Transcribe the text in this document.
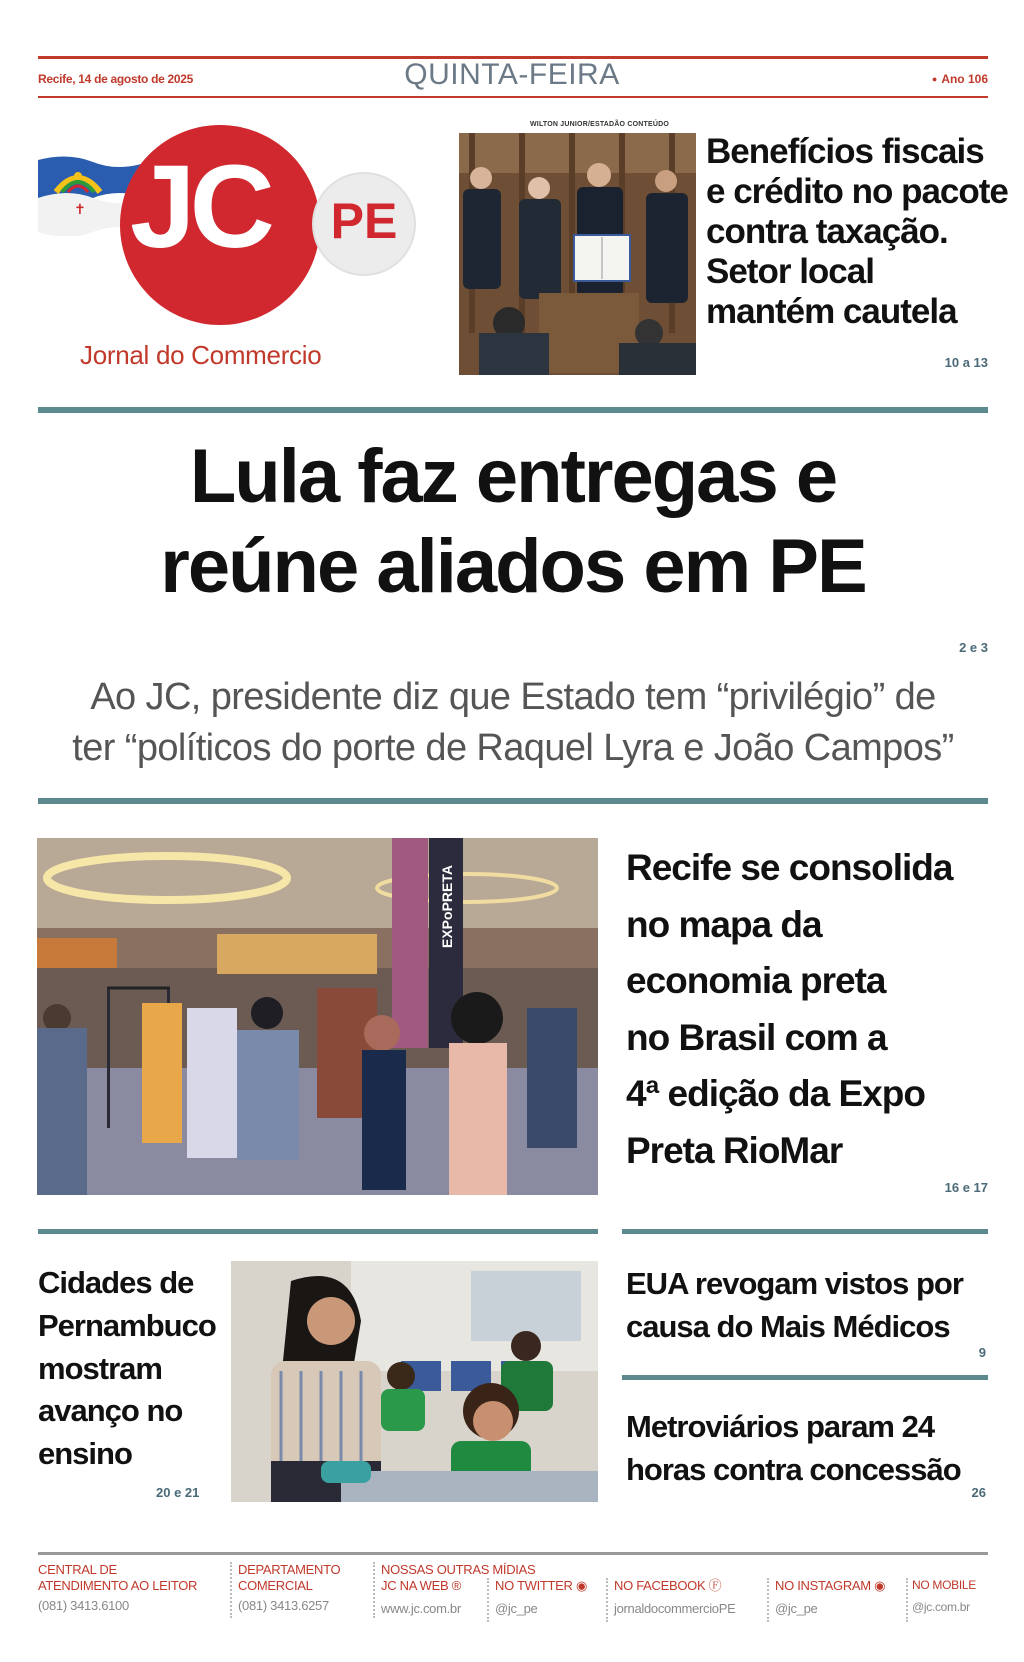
Recife, 14 de agosto de 2025	QUINTA-FEIRA
●	Ano 106
✝ JC	PE
Jornal do Commercio
WILTON JUNIOR/ESTADÃO CONTEÚDO
Benefícios fiscais
e crédito no pacote
contra taxação.
Setor local
mantém cautela
10 a 13
Lula faz entregas e
reúne aliados em PE
2 e 3
Ao JC, presidente diz que Estado tem “privilégio” de
ter “políticos do porte de Raquel Lyra e João Campos”
EXPoPRETA	Recife se consolida
no mapa da
economia preta
no Brasil com a
4ª edição da Expo
Preta RioMar
16 e 17
Cidades de
Pernambuco
mostram
avanço no
ensino
20 e 21
EUA revogam vistos por
causa do Mais Médicos
9
Metroviários param 24
horas contra concessão
26
CENTRAL DE
ATENDIMENTO AO LEITOR
(081) 3413.6100
DEPARTAMENTO
COMERCIAL
(081) 3413.6257
NOSSAS OUTRAS MÍDIAS
JC NA WEB ®
www.jc.com.br
NO TWITTER ◉
@jc_pe
NO FACEBOOK Ⓕ
jornaldocommercioPE
NO INSTAGRAM ◉
@jc_pe
NO MOBILE
@jc.com.br
